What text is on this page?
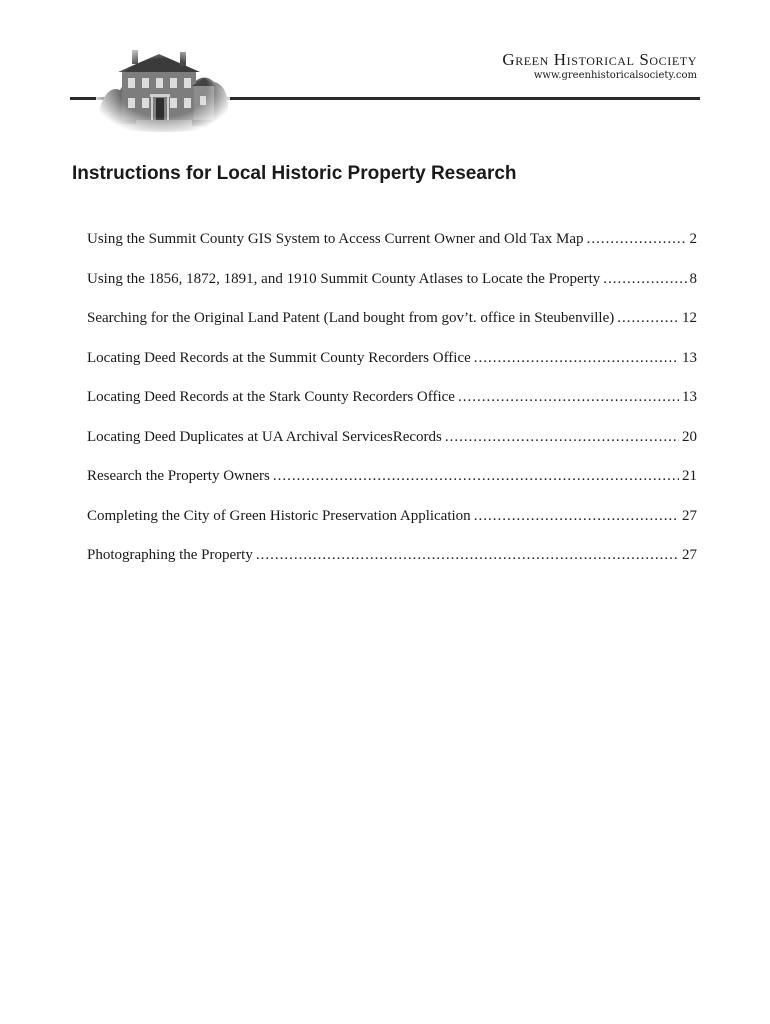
Green Historical Society
www.greenhistoricalsociety.com
Instructions for Local Historic Property Research
Using the Summit County GIS System to Access Current Owner and Old Tax Map .....	2
Using the 1856, 1872, 1891, and 1910 Summit County Atlases to Locate the Property .....	8
Searching for the Original Land Patent (Land bought from gov’t. office in Steubenville) .....	12
Locating Deed Records at the Summit County Recorders Office .....	13
Locating Deed Records at the Stark County Recorders Office .....	13
Locating Deed Duplicates at UA Archival ServicesRecords .....	20
Research the Property Owners .....	21
Completing the City of Green Historic Preservation Application .....	27
Photographing the Property .....	27
